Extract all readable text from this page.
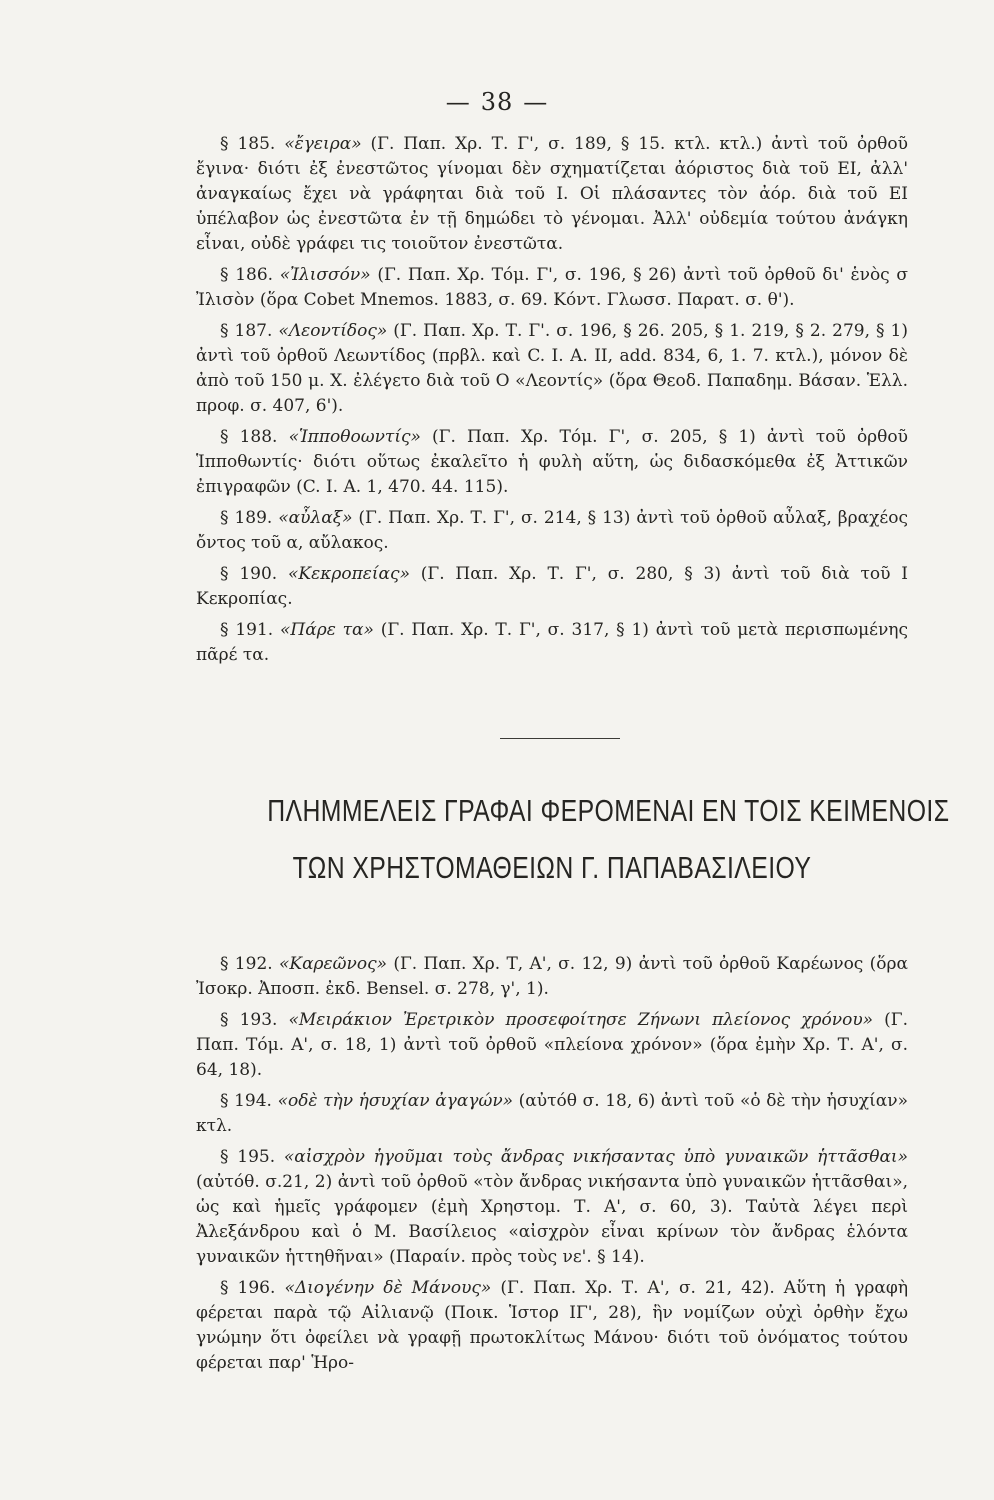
— 38 —

§ 185. «ἔγειρα» (Γ. Παπ. Χρ. Τ. Γ', σ. 189, § 15. κτλ. κτλ.) ἀντὶ τοῦ ὀρθοῦ ἔγινα· διότι ἐξ ἐνεστῶτος γίνομαι δὲν σχηματίζεται ἀόριστος διὰ τοῦ ΕΙ, ἀλλ' ἀναγκαίως ἔχει νὰ γράφηται διὰ τοῦ Ι. Οἱ πλάσαντες τὸν ἀόρ. διὰ τοῦ ΕΙ ὑπέλαβον ὡς ἐνεστῶτα ἐν τῇ δημώδει τὸ γένομαι. Ἀλλ' οὐδεμία τούτου ἀνάγκη εἶναι, οὐδὲ γράφει τις τοιοῦτον ἐνεστῶτα.

§ 186. «Ἰλισσόν» (Γ. Παπ. Χρ. Τόμ. Γ', σ. 196, § 26) ἀντὶ τοῦ ὀρθοῦ δι' ἑνὸς σ Ἰλισὸν (ὅρα Cobet Mnemos. 1883, σ. 69. Κόντ. Γλωσσ. Παρατ. σ. θ').

§ 187. «Λεοντίδος» (Γ. Παπ. Χρ. Τ. Γ'. σ. 196, § 26. 205, § 1. 219, § 2. 279, § 1) ἀντὶ τοῦ ὀρθοῦ Λεωντίδος (πρβλ. καὶ C. I. A. II, add. 834, 6, 1. 7. κτλ.), μόνον δὲ ἀπὸ τοῦ 150 μ. Χ. ἐλέγετο διὰ τοῦ Ο «Λεοντίς» (ὅρα Θεοδ. Παπαδημ. Βάσαν. Ἑλλ. προφ. σ. 407, 6').

§ 188. «Ἱπποθοωντίς» (Γ. Παπ. Χρ. Τόμ. Γ', σ. 205, § 1) ἀντὶ τοῦ ὀρθοῦ Ἱπποθωντίς· διότι οὕτως ἐκαλεῖτο ἡ φυλὴ αὕτη, ὡς διδασκόμεθα ἐξ Ἀττικῶν ἐπιγραφῶν (C. I. A. 1, 470. 44. 115).

§ 189. «αὖλαξ» (Γ. Παπ. Χρ. Τ. Γ', σ. 214, § 13) ἀντὶ τοῦ ὀρθοῦ αὖλαξ, βραχέος ὄντος τοῦ α, αὔλακος.

§ 190. «Κεκροπείας» (Γ. Παπ. Χρ. Τ. Γ', σ. 280, § 3) ἀντὶ τοῦ διὰ τοῦ Ι Κεκροπίας.

§ 191. «Πάρε τα» (Γ. Παπ. Χρ. Τ. Γ', σ. 317, § 1) ἀντὶ τοῦ μετὰ περισπωμένης πᾶρέ τα.

ΠΛΗΜΜΕΛΕΙΣ ΓΡΑΦΑΙ ΦΕΡΟΜΕΝΑΙ ΕΝ ΤΟΙΣ ΚΕΙΜΕΝΟΙΣ
ΤΩΝ ΧΡΗΣΤΟΜΑΘΕΙΩΝ Γ. ΠΑΠΑΒΑΣΙΛΕΙΟΥ

§ 192. «Καρεῶνος» (Γ. Παπ. Χρ. Τ, Α', σ. 12, 9) ἀντὶ τοῦ ὀρθοῦ Καρέωνος (ὅρα Ἰσοκρ. Ἀποσπ. ἐκδ. Bensel. σ. 278, γ', 1).

§ 193. «Μειράκιον Ἐρετρικὸν προσεφοίτησε Ζήνωνι πλείονος χρόνου» (Γ. Παπ. Τόμ. Α', σ. 18, 1) ἀντὶ τοῦ ὀρθοῦ «πλείονα χρόνον» (ὅρα ἐμὴν Χρ. Τ. Α', σ. 64, 18).

§ 194. «οδὲ τὴν ἡσυχίαν ἀγαγών» (αὐτόθ σ. 18, 6) ἀντὶ τοῦ «ὁ δὲ τὴν ἡσυχίαν» κτλ.

§ 195. «αἰσχρὸν ἡγοῦμαι τοὺς ἄνδρας νικήσαντας ὑπὸ γυναικῶν ἡττᾶσθαι» (αὐτόθ. σ.21, 2) ἀντὶ τοῦ ὀρθοῦ «τὸν ἄνδρας νικήσαντα ὑπὸ γυναικῶν ἡττᾶσθαι», ὡς καὶ ἡμεῖς γράφομεν (ἐμὴ Χρηστομ. Τ. Α', σ. 60, 3). Ταὐτὰ λέγει περὶ Ἀλεξάνδρου καὶ ὁ Μ. Βασίλειος «αἰσχρὸν εἶναι κρίνων τὸν ἄνδρας ἑλόντα γυναικῶν ἡττηθῆναι» (Παραίν. πρὸς τοὺς νε'. § 14).

§ 196. «Διογένην δὲ Μάνους» (Γ. Παπ. Χρ. Τ. Α', σ. 21, 42). Αὕτη ἡ γραφὴ φέρεται παρὰ τῷ Αἰλιανῷ (Ποικ. Ἱστορ ΙΓ', 28), ἣν νομίζων οὐχὶ ὀρθὴν ἔχω γνώμην ὅτι ὀφείλει νὰ γραφῇ πρωτοκλίτως Μάνου· διότι τοῦ ὀνόματος τούτου φέρεται παρ' Ἡρο-
